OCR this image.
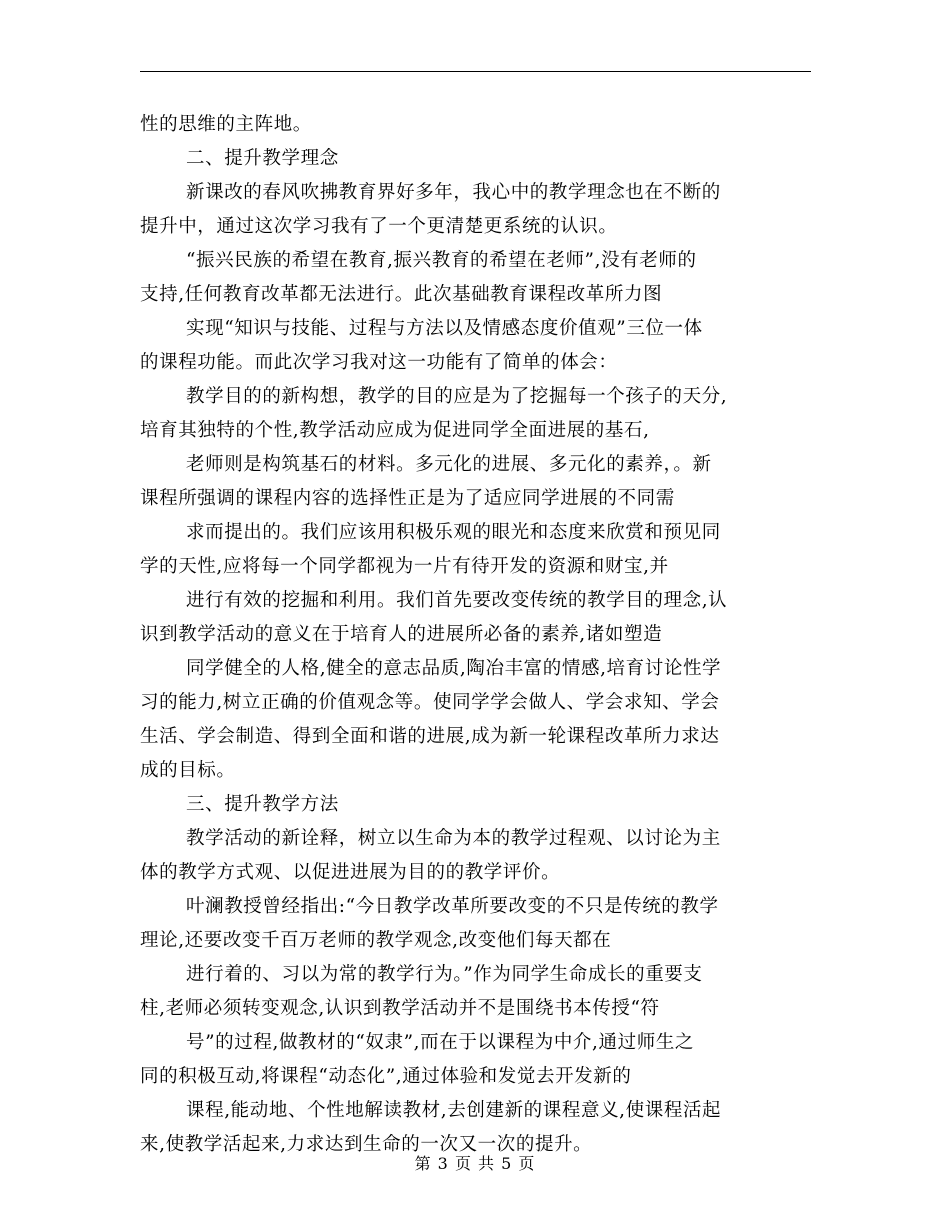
性的思维的主阵地。
二、提升教学理念
新课改的春风吹拂教育界好多年，我心中的教学理念也在不断的
提升中，通过这次学习我有了一个更清楚更系统的认识。
“振兴民族的希望在教育,振兴教育的希望在老师”,没有老师的
支持,任何教育改革都无法进行。此次基础教育课程改革所力图
实现“知识与技能、过程与方法以及情感态度价值观”三位一体
的课程功能。而此次学习我对这一功能有了简单的体会：
教学目的的新构想，教学的目的应是为了挖掘每一个孩子的天分,
培育其独特的个性,教学活动应成为促进同学全面进展的基石,
老师则是构筑基石的材料。多元化的进展、多元化的素养，。新
课程所强调的课程内容的选择性正是为了适应同学进展的不同需
求而提出的。我们应该用积极乐观的眼光和态度来欣赏和预见同
学的天性,应将每一个同学都视为一片有待开发的资源和财宝,并
进行有效的挖掘和利用。我们首先要改变传统的教学目的理念,认
识到教学活动的意义在于培育人的进展所必备的素养,诸如塑造
同学健全的人格,健全的意志品质,陶冶丰富的情感,培育讨论性学
习的能力,树立正确的价值观念等。使同学学会做人、学会求知、学会
生活、学会制造、得到全面和谐的进展,成为新一轮课程改革所力求达
成的目标。
三、提升教学方法
教学活动的新诠释，树立以生命为本的教学过程观、以讨论为主
体的教学方式观、以促进进展为目的的教学评价。
叶澜教授曾经指出:“今日教学改革所要改变的不只是传统的教学
理论,还要改变千百万老师的教学观念,改变他们每天都在
进行着的、习以为常的教学行为。”作为同学生命成长的重要支
柱,老师必须转变观念,认识到教学活动并不是围绕书本传授“符
号”的过程,做教材的“奴隶”,而在于以课程为中介,通过师生之
同的积极互动,将课程“动态化”,通过体验和发觉去开发新的
课程,能动地、个性地解读教材,去创建新的课程意义,使课程活起
来,使教学活起来,力求达到生命的一次又一次的提升。
第 3 页 共 5 页
